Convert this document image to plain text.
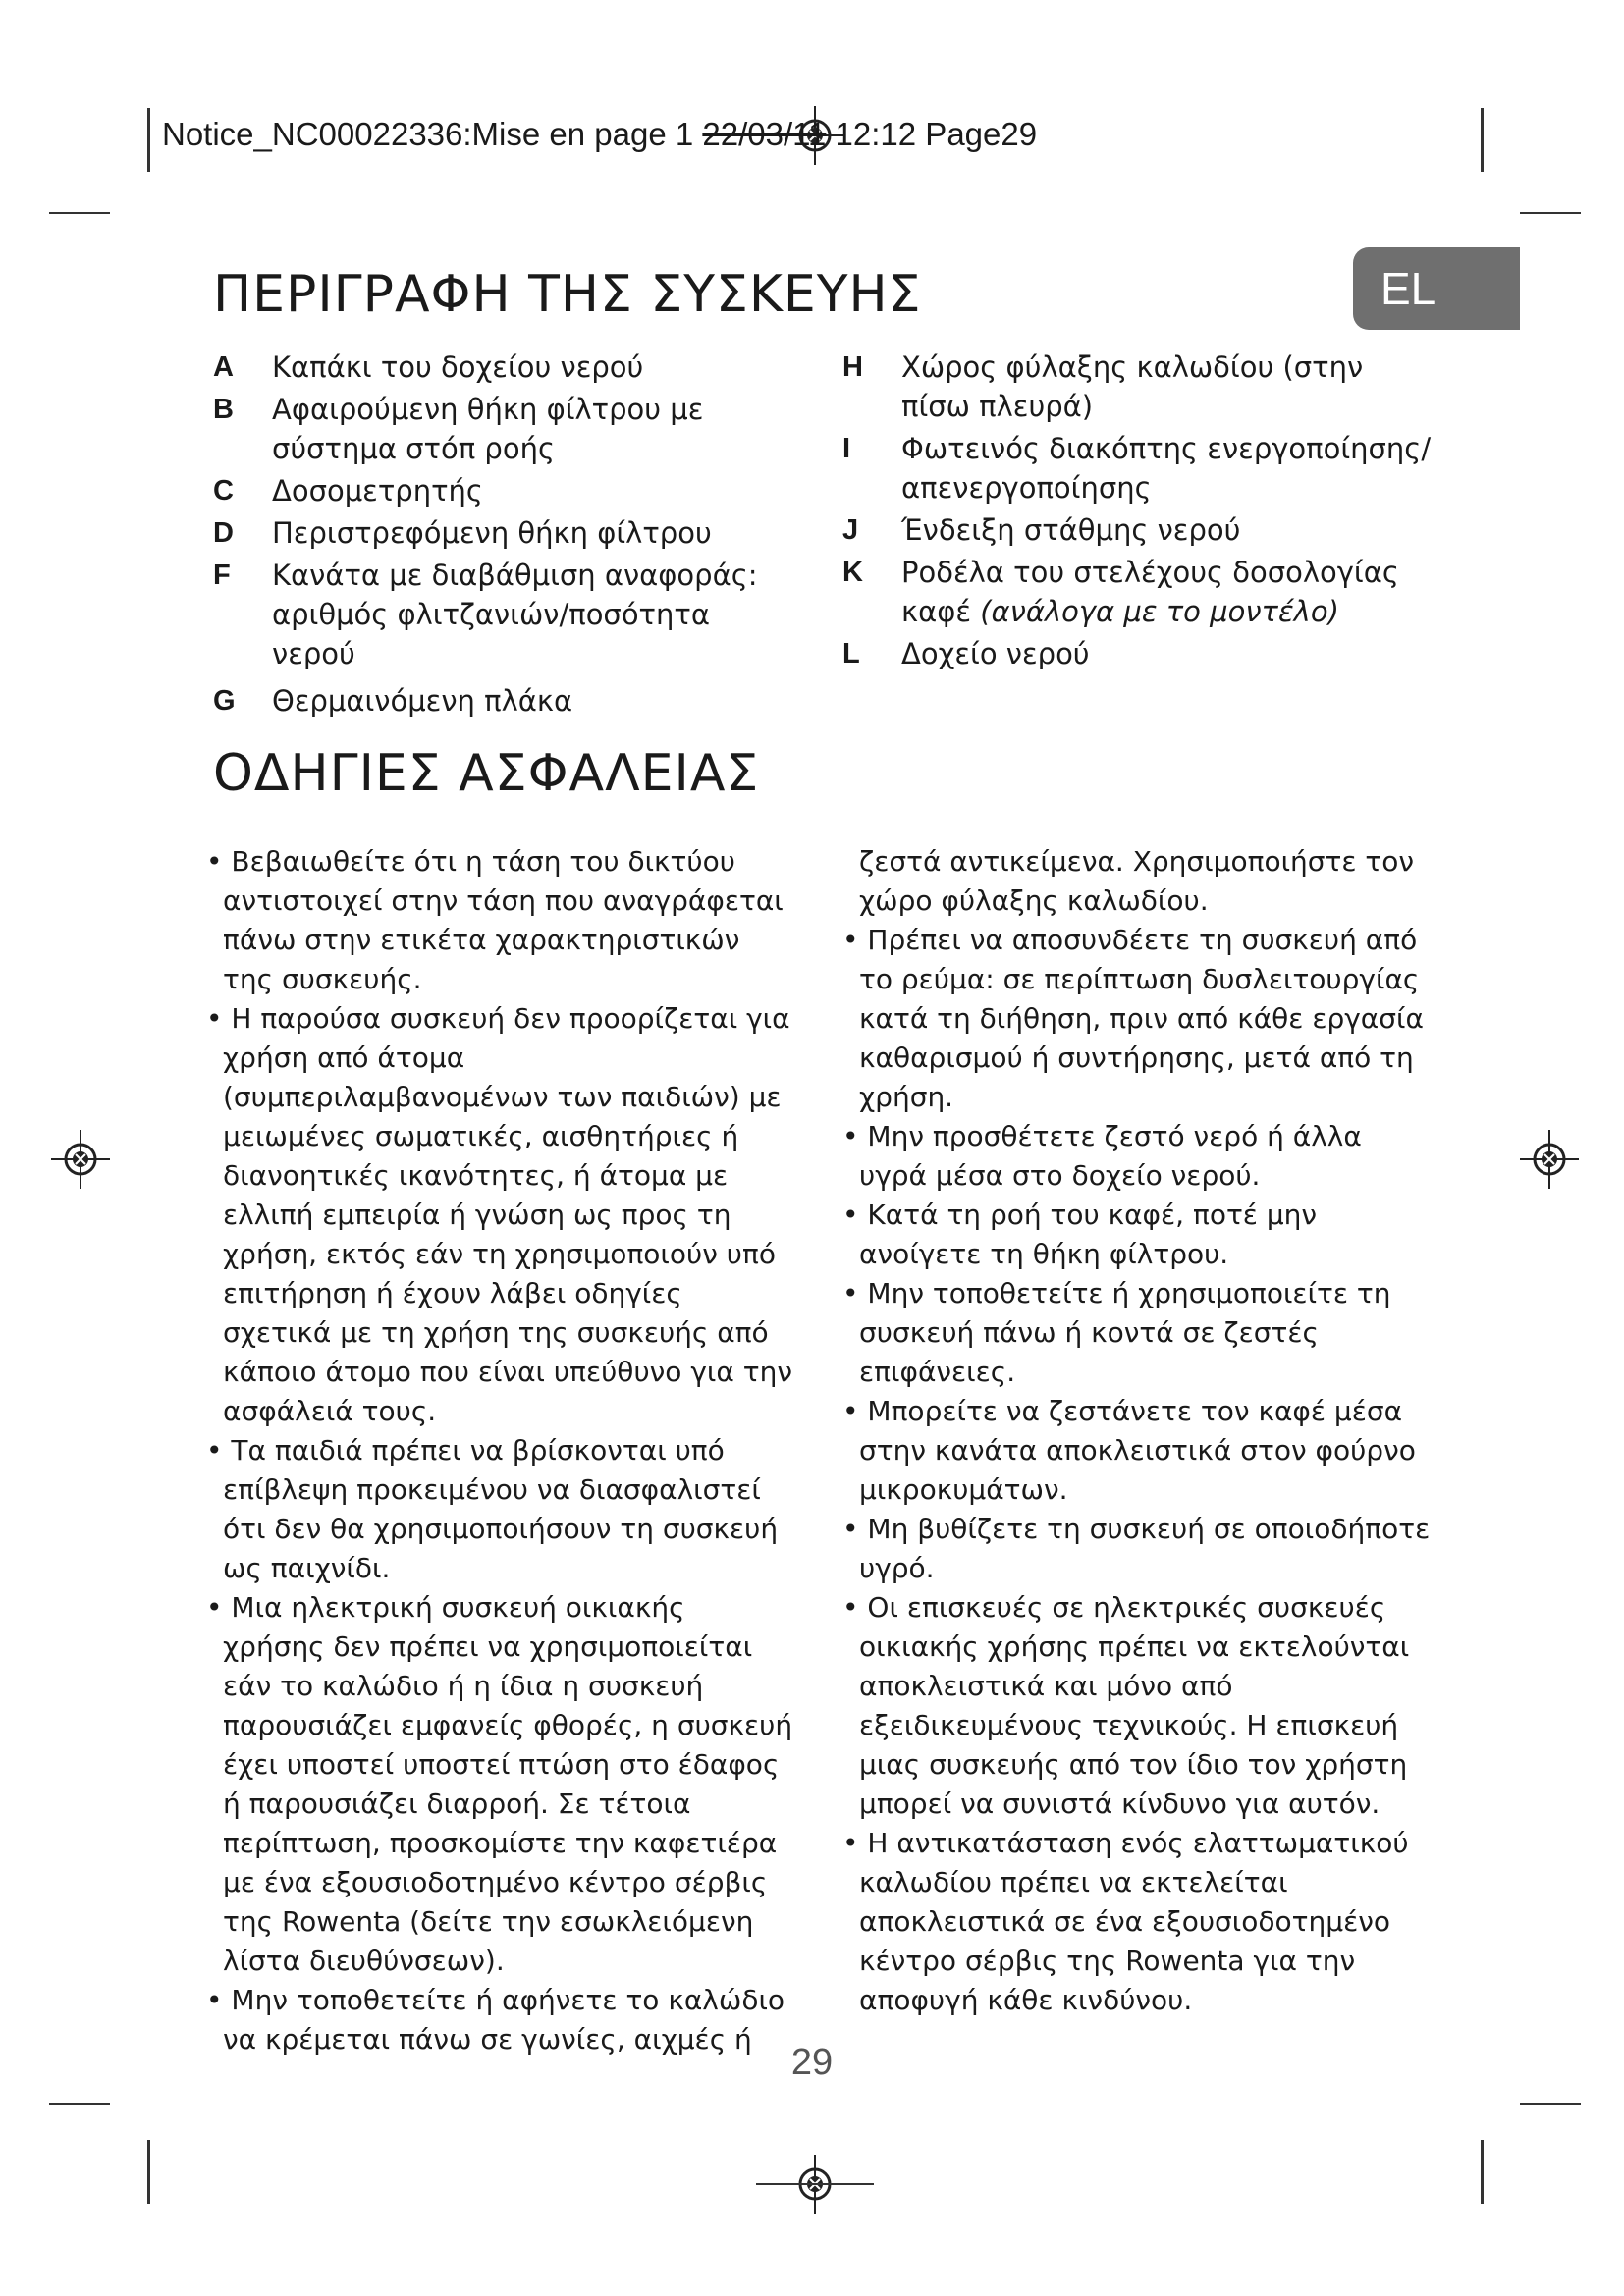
Notice_NC00022336:Mise en page 1 22/03/11 12:12 Page29
EL
ΠΕΡΙΓΡΑΦΗ ΤΗΣ ΣΥΣΚΕΥΗΣ
A	Καπάκι του δοχείου νερού
B	Αφαιρούμενη θήκη φίλτρου με σύστημα στόπ ροής
C	Δοσομετρητής
D	Περιστρεφόμενη θήκη φίλτρου
F	Κανάτα με διαβάθμιση αναφοράς: αριθμός φλιτζανιών/ποσότητα νερού
G	Θερμαινόμενη πλάκα
H	Χώρος φύλαξης καλωδίου (στην πίσω πλευρά)
I	Φωτεινός διακόπτης ενεργοποίησης/απενεργοποίησης
J	Ένδειξη στάθμης νερού
K	Ροδέλα του στελέχους δοσολογίας καφέ (ανάλογα με το μοντέλο)
L	Δοχείο νερού
ΟΔΗΓΙΕΣ ΑΣΦΑΛΕΙΑΣ

• Βεβαιωθείτε ότι η τάση του δικτύου αντιστοιχεί στην τάση που αναγράφεται πάνω στην ετικέτα χαρακτηριστικών της συσκευής.

• Η παρούσα συσκευή δεν προορίζεται για χρήση από άτομα (συμπεριλαμβανομένων των παιδιών) με μειωμένες σωματικές, αισθητήριες ή διανοητικές ικανότητες, ή άτομα με ελλιπή εμπειρία ή γνώση ως προς τη χρήση, εκτός εάν τη χρησιμοποιούν υπό επιτήρηση ή έχουν λάβει οδηγίες σχετικά με τη χρήση της συσκευής από κάποιο άτομο που είναι υπεύθυνο για την ασφάλειά τους.

• Τα παιδιά πρέπει να βρίσκονται υπό επίβλεψη προκειμένου να διασφαλιστεί ότι δεν θα χρησιμοποιήσουν τη συσκευή ως παιχνίδι.

• Μια ηλεκτρική συσκευή οικιακής χρήσης δεν πρέπει να χρησιμοποιείται εάν το καλώδιο ή η ίδια η συσκευή παρουσιάζει εμφανείς φθορές, η συσκευή έχει υποστεί υποστεί πτώση στο έδαφος ή παρουσιάζει διαρροή. Σε τέτοια περίπτωση, προσκομίστε την καφετιέρα με ένα εξουσιοδοτημένο κέντρο σέρβις της Rowenta (δείτε την εσωκλειόμενη λίστα διευθύνσεων).

• Μην τοποθετείτε ή αφήνετε το καλώδιο να κρέμεται πάνω σε γωνίες, αιχμές ή

ζεστά αντικείμενα. Χρησιμοποιήστε τον χώρο φύλαξης καλωδίου.

• Πρέπει να αποσυνδέετε τη συσκευή από το ρεύμα: σε περίπτωση δυσλειτουργίας κατά τη διήθηση, πριν από κάθε εργασία καθαρισμού ή συντήρησης, μετά από τη χρήση.

• Μην προσθέτετε ζεστό νερό ή άλλα υγρά μέσα στο δοχείο νερού.

• Κατά τη ροή του καφέ, ποτέ μην ανοίγετε τη θήκη φίλτρου.

• Μην τοποθετείτε ή χρησιμοποιείτε τη συσκευή πάνω ή κοντά σε ζεστές επιφάνειες.

• Μπορείτε να ζεστάνετε τον καφέ μέσα στην κανάτα αποκλειστικά στον φούρνο μικροκυμάτων.

• Μη βυθίζετε τη συσκευή σε οποιοδήποτε υγρό.

• Οι επισκευές σε ηλεκτρικές συσκευές οικιακής χρήσης πρέπει να εκτελούνται αποκλειστικά και μόνο από εξειδικευμένους τεχνικούς. Η επισκευή μιας συσκευής από τον ίδιο τον χρήστη μπορεί να συνιστά κίνδυνο για αυτόν.

• Η αντικατάσταση ενός ελαττωματικού καλωδίου πρέπει να εκτελείται αποκλειστικά σε ένα εξουσιοδοτημένο κέντρο σέρβις της Rowenta για την αποφυγή κάθε κινδύνου.

29
